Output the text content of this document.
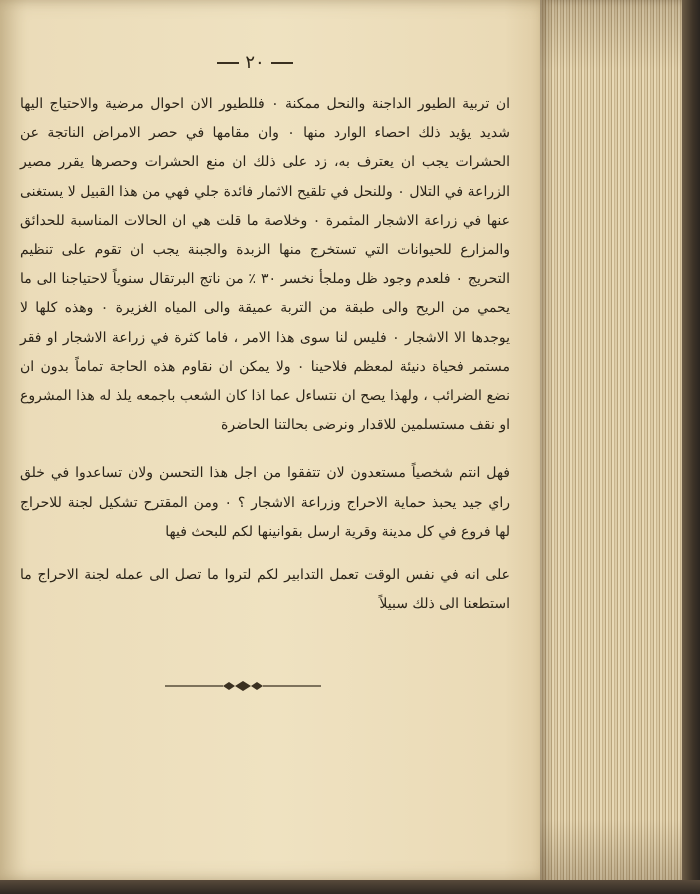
٢٠

ان تربية الطيور الداجنة والنحل ممكنة ٠ فللطيور الان احوال مرضية والاحتياج اليها شديد يؤيد ذلك احصاء الوارد منها ٠ وان مقامها في حصر الامراض الناتجة عن الحشرات يجب ان يعترف به، زد على ذلك ان منع الحشرات وحصرها يقرر مصير الزراعة في التلال ٠ وللنحل في تلقيح الاثمار فائدة جلي فهي من هذا القبيل لا يستغنى عنها في زراعة الاشجار المثمرة ٠ وخلاصة ما قلت هي ان الحالات المناسبة للحدائق والمزارع للحيوانات التي تستخرج منها الزبدة والجبنة يجب ان تقوم على تنظيم التحريج ٠ فلعدم وجود ظل وملجأ نخسر ٣٠ ٪ من ناتج البرتقال سنوياً لاحتياجنا الى ما يحمي من الريح والى طبقة من التربة عميقة والى المياه الغزيرة ٠ وهذه كلها لا يوجدها الا الاشجار ٠ فليس لنا سوى هذا الامر ، فاما كثرة في زراعة الاشجار او فقر مستمر فحياة دنيئة لمعظم فلاحينا ٠ ولا يمكن ان نقاوم هذه الحاجة تماماً بدون ان نضع الضرائب ، ولهذا يصح ان نتساءل عما اذا كان الشعب باجمعه يلذ له هذا المشروع او نقف مستسلمين للاقدار ونرضى بحالتنا الحاضرة

فهل انتم شخصياً مستعدون لان تتفقوا من اجل هذا التحسن ولان تساعدوا في خلق راي جيد يحبذ حماية الاحراج وزراعة الاشجار ؟ ٠ ومن المقترح تشكيل لجنة للاحراج لها فروع في كل مدينة وقرية ارسل بقوانينها لكم للبحث فيها

على انه في نفس الوقت تعمل التدابير لكم لتروا ما تصل الى عمله لجنة الاحراج ما استطعنا الى ذلك سبيلاً
